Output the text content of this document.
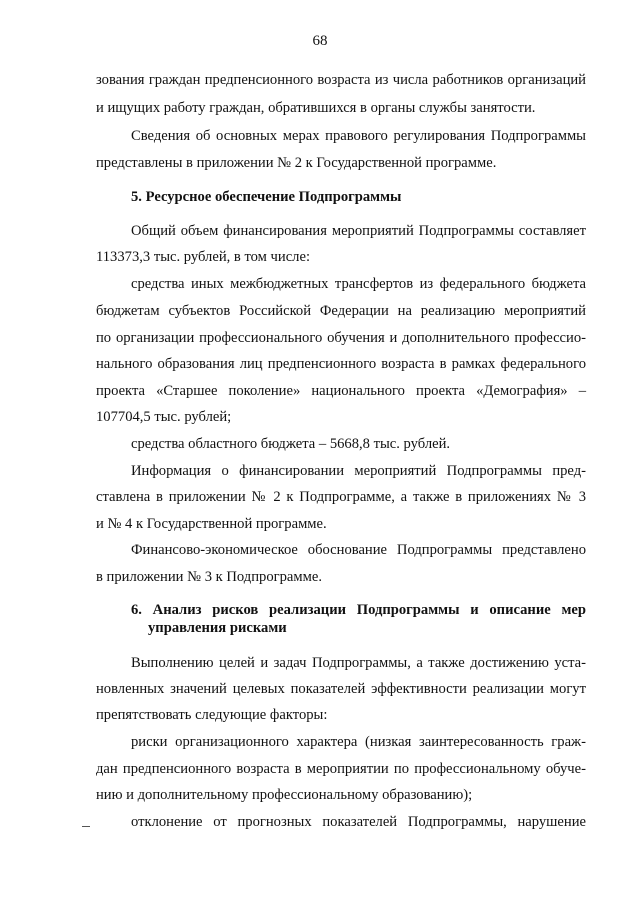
68
зования граждан предпенсионного возраста из числа работников организаций
и ищущих работу граждан, обратившихся в органы службы занятости.
Сведения об основных мерах правового регулирования Подпрограммы
представлены в приложении № 2 к Государственной программе.
5. Ресурсное обеспечение Подпрограммы
Общий объем финансирования мероприятий Подпрограммы составляет
113373,3 тыс. рублей, в том числе:
средства иных межбюджетных трансфертов из федерального бюджета
бюджетам субъектов Российской Федерации на реализацию мероприятий
по организации профессионального обучения и дополнительного профессио-
нального образования лиц предпенсионного возраста в рамках федерального
проекта «Старшее поколение» национального проекта «Демография» –
107704,5 тыс. рублей;
средства областного бюджета – 5668,8 тыс. рублей.
Информация о финансировании мероприятий Подпрограммы пред-
ставлена в приложении № 2 к Подпрограмме, а также в приложениях № 3
и № 4 к Государственной программе.
Финансово-экономическое обоснование Подпрограммы представлено
в приложении № 3 к Подпрограмме.
6. Анализ рисков реализации Подпрограммы и описание мер
управления рисками
Выполнению целей и задач Подпрограммы, а также достижению уста-
новленных значений целевых показателей эффективности реализации могут
препятствовать следующие факторы:
риски организационного характера (низкая заинтересованность граж-
дан предпенсионного возраста в мероприятии по профессиональному обуче-
нию и дополнительному профессиональному образованию);
отклонение от прогнозных показателей Подпрограммы, нарушение
